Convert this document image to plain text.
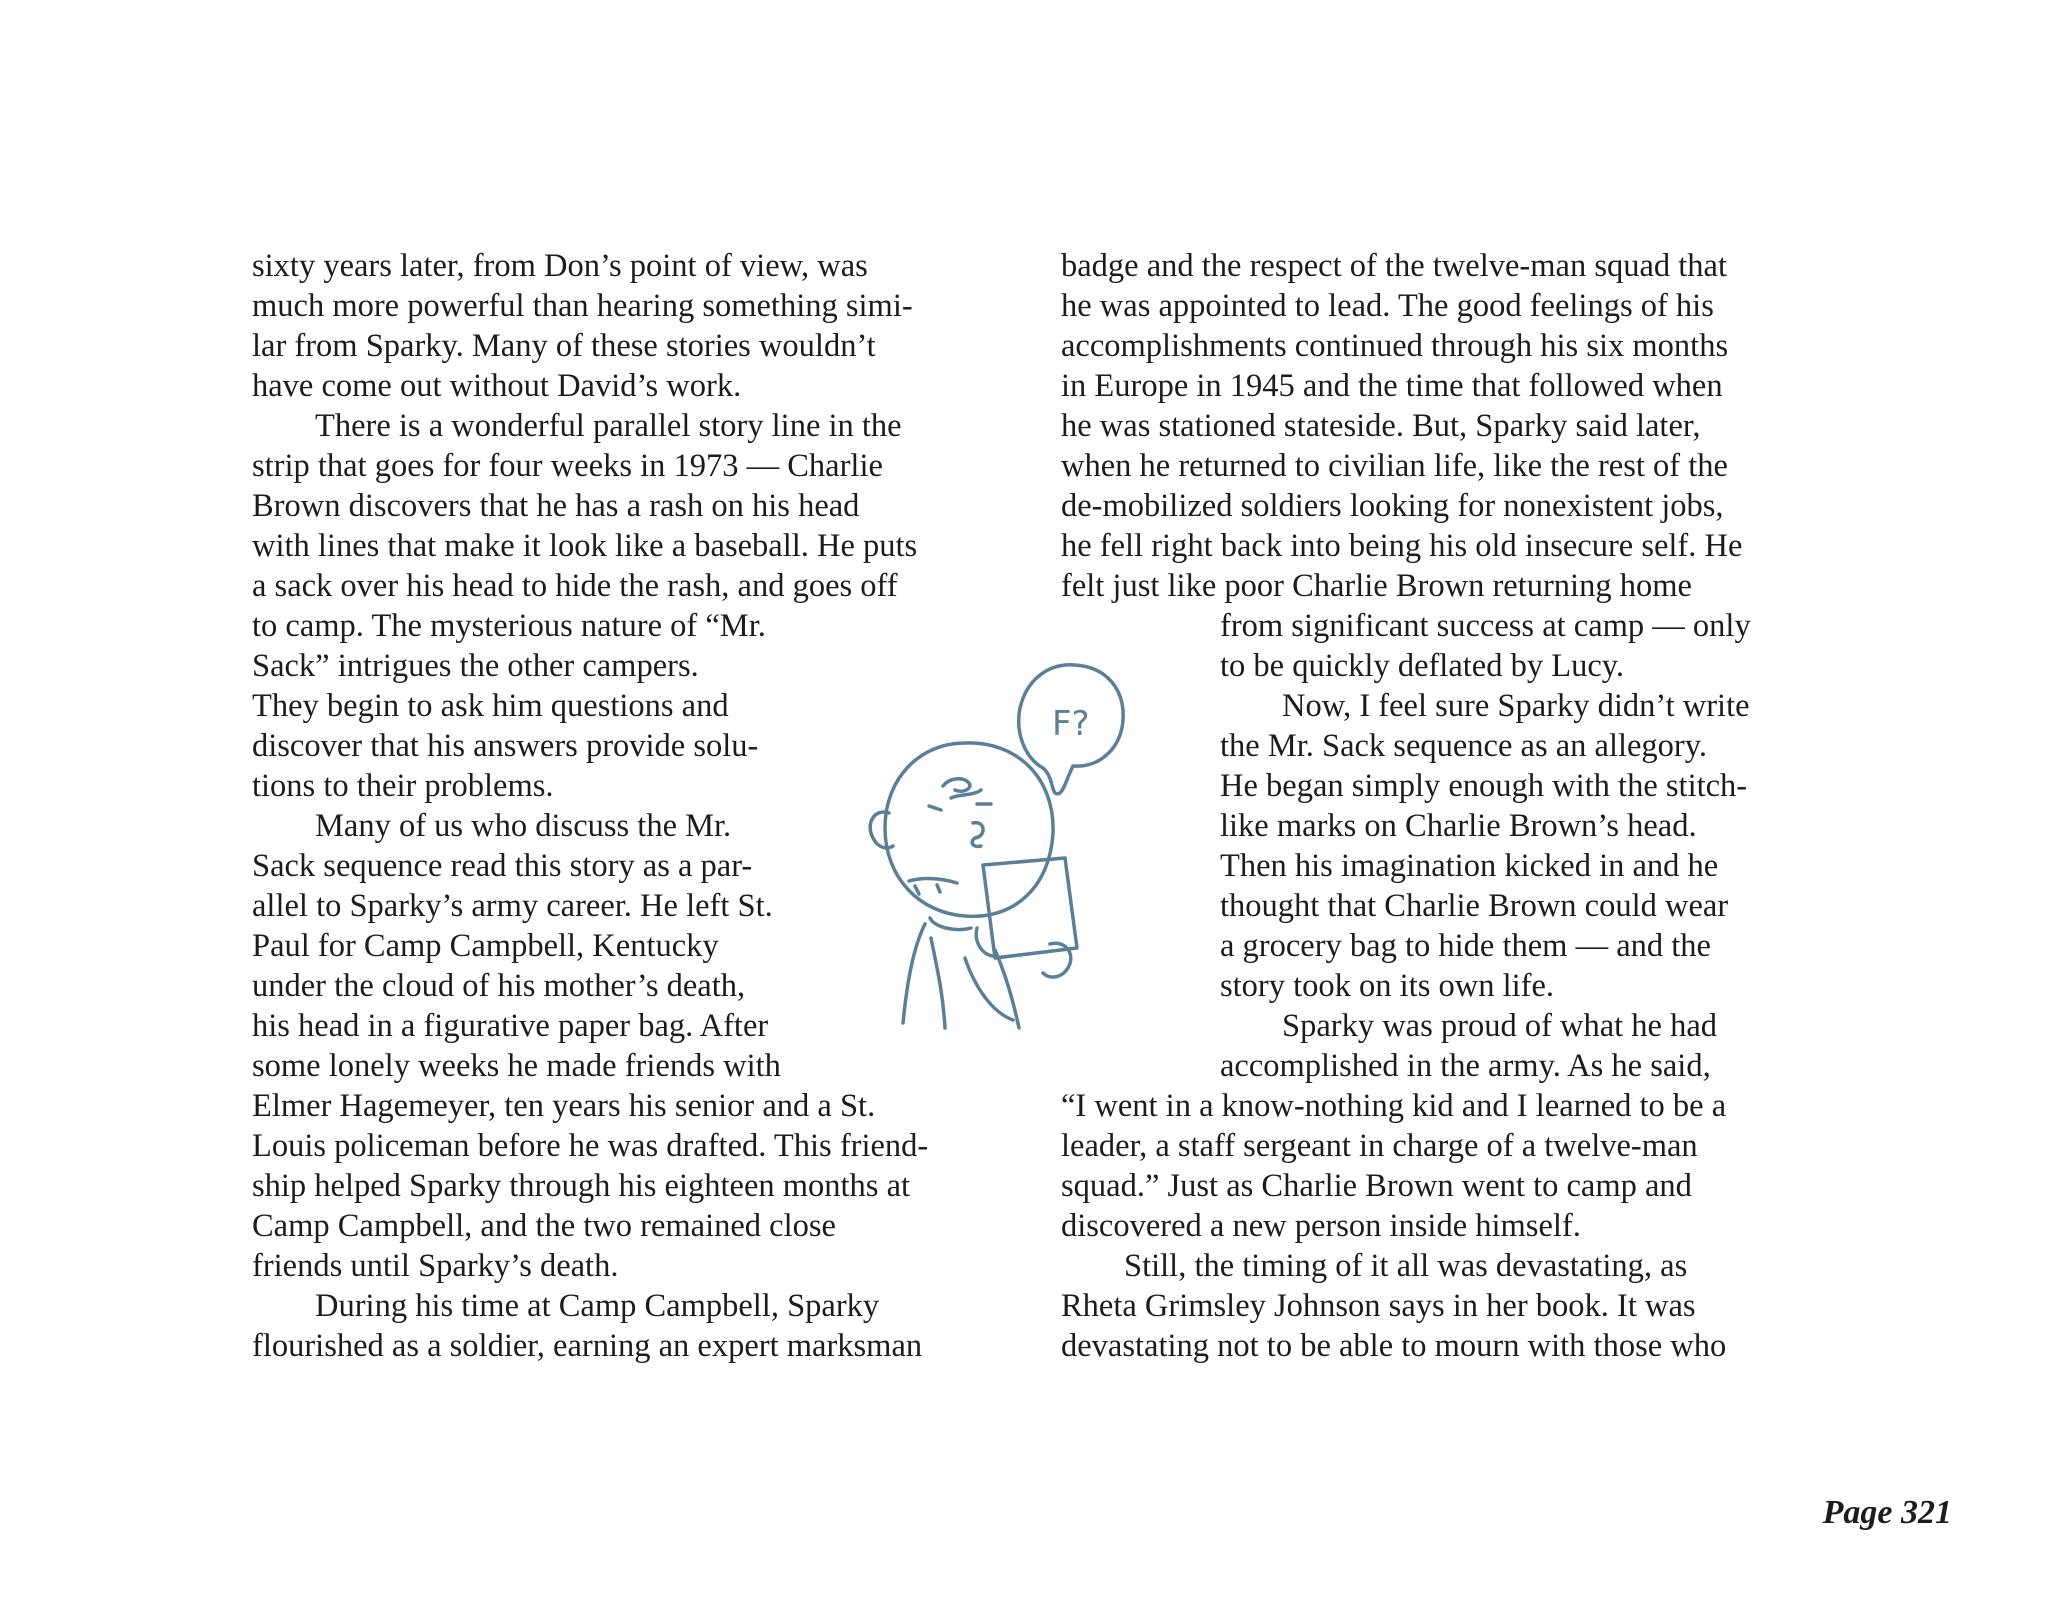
sixty years later, from Don’s point of view, was
much more powerful than hearing something simi-
lar from Sparky. Many of these stories wouldn’t
have come out without David’s work.
There is a wonderful parallel story line in the
strip that goes for four weeks in 1973 — Charlie
Brown discovers that he has a rash on his head
with lines that make it look like a baseball. He puts
a sack over his head to hide the rash, and goes off
to camp. The mysterious nature of “Mr.
Sack” intrigues the other campers.
They begin to ask him questions and
discover that his answers provide solu-
tions to their problems.
Many of us who discuss the Mr.
Sack sequence read this story as a par-
allel to Sparky’s army career. He left St.
Paul for Camp Campbell, Kentucky
under the cloud of his mother’s death,
his head in a figurative paper bag. After
some lonely weeks he made friends with
Elmer Hagemeyer, ten years his senior and a St.
Louis policeman before he was drafted. This friend-
ship helped Sparky through his eighteen months at
Camp Campbell, and the two remained close
friends until Sparky’s death.
During his time at Camp Campbell, Sparky
flourished as a soldier, earning an expert marksman
badge and the respect of the twelve-man squad that
he was appointed to lead. The good feelings of his
accomplishments continued through his six months
in Europe in 1945 and the time that followed when
he was stationed stateside. But, Sparky said later,
when he returned to civilian life, like the rest of the
de-mobilized soldiers looking for nonexistent jobs,
he fell right back into being his old insecure self. He
felt just like poor Charlie Brown returning home
from significant success at camp — only
to be quickly deflated by Lucy.
Now, I feel sure Sparky didn’t write
the Mr. Sack sequence as an allegory.
He began simply enough with the stitch-
like marks on Charlie Brown’s head.
Then his imagination kicked in and he
thought that Charlie Brown could wear
a grocery bag to hide them — and the
story took on its own life.
Sparky was proud of what he had
accomplished in the army. As he said,
“I went in a know-nothing kid and I learned to be a
leader, a staff sergeant in charge of a twelve-man
squad.” Just as Charlie Brown went to camp and
discovered a new person inside himself.
Still, the timing of it all was devastating, as
Rheta Grimsley Johnson says in her book. It was
devastating not to be able to mourn with those who
F?
Page 321
